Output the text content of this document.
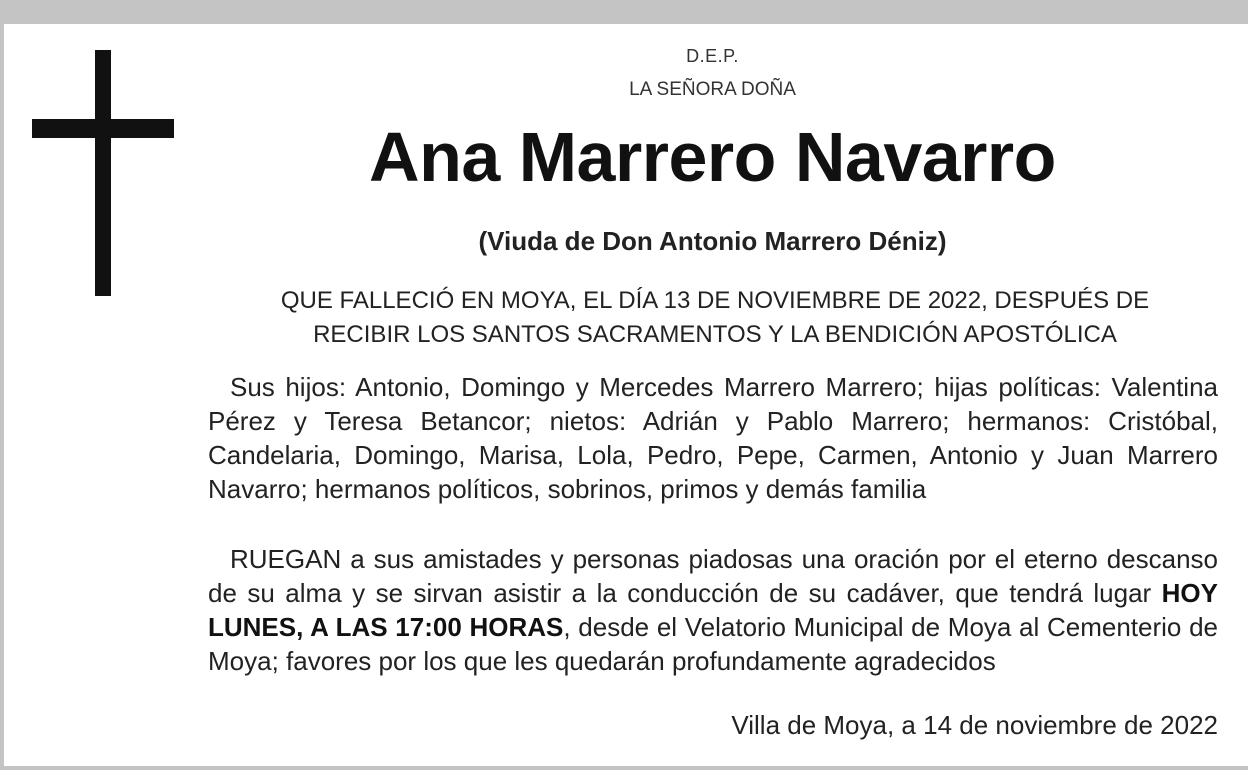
D.E.P.
LA SEÑORA DOÑA
Ana Marrero Navarro
(Viuda de Don Antonio Marrero Déniz)
QUE FALLECIÓ EN MOYA, EL DÍA 13 DE NOVIEMBRE DE 2022, DESPUÉS DE
RECIBIR LOS SANTOS SACRAMENTOS Y LA BENDICIÓN APOSTÓLICA
Sus hijos: Antonio, Domingo y Mercedes Marrero Marrero; hijas políticas: Valentina Pérez y Teresa Betancor; nietos: Adrián y Pablo Marrero; hermanos: Cristóbal, Candelaria, Domingo, Marisa, Lola, Pedro, Pepe, Carmen, Antonio y Juan Marrero Navarro; hermanos políticos, sobrinos, primos y demás familia
RUEGAN a sus amistades y personas piadosas una oración por el eterno descanso de su alma y se sirvan asistir a la conducción de su cadáver, que tendrá lugar HOY LUNES, A LAS 17:00 HORAS, desde el Velatorio Municipal de Moya al Cementerio de Moya; favores por los que les quedarán profundamente agradecidos
Villa de Moya, a 14 de noviembre de 2022
